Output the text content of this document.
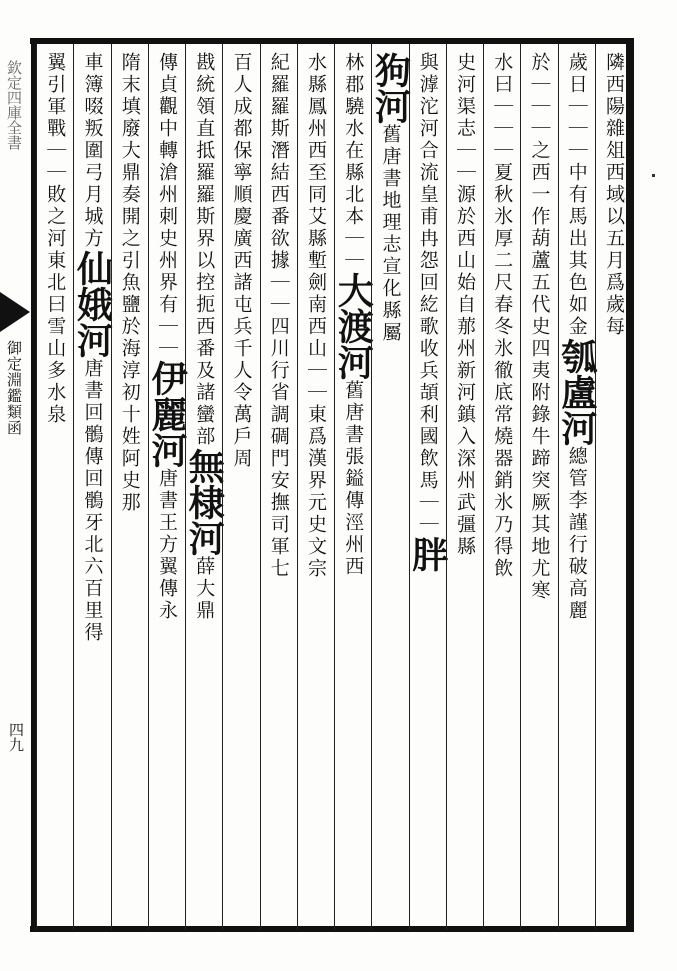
欽定四庫全書
御定淵鑑類函
四九
隣西陽雜俎西域以五月爲歲每
歲日｜｜｜中有馬出其色如金瓠盧河總管李謹行破高麗
於｜｜｜之西一作葫蘆五代史四夷附錄牛蹄突厥其地尤寒
水曰｜｜｜夏秋氷厚二尺春冬氷徹底常燒器銷氷乃得飲
史河渠志｜｜源於西山始自𦰡州新河鎮入深州武彊縣
與滹沱河合流皇甫冉怨回紇歌收兵頡利國飲馬｜｜胖
狗河舊唐書地理志宣化縣屬
林郡驍水在縣北本｜｜大渡河舊唐書張鎰傳涇州西
水縣鳳州西至同艾縣塹劍南西山｜｜東爲漢界元史文宗
紀羅羅斯潛結西番欲據｜｜四川行省調碉門安撫司軍七
百人成都保寧順慶廣西諸屯兵千人令萬戶周
戡統領直抵羅羅斯界以控扼西番及諸蠻部無棣河薛大鼎
傳貞觀中轉滄州刺史州界有｜｜伊麗河唐書王方翼傳永
隋末填廢大鼎奏開之引魚鹽於海淳初十姓阿史那
車簿啜叛圍弓月城方仙娥河唐書回鶻傳回鶻牙北六百里得
翼引軍戰｜｜敗之河東北曰雪山多水泉
